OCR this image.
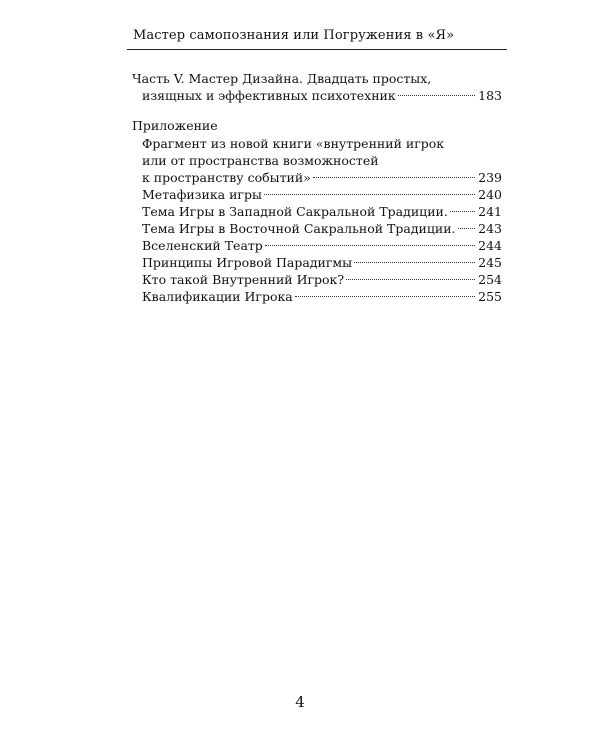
Мастер самопознания или Погружения в «Я»
Часть V. Мастер Дизайна. Двадцать простых,
изящных и эффективных психотехник	183
Приложение
Фрагмент из новой книги «внутренний игрок
или от пространства возможностей
к пространству событий»	239
Метафизика игры	240
Тема Игры в Западной Сакральной Традиции. 241
Тема Игры в Восточной Сакральной Традиции. 243
Вселенский Театр	244
Принципы Игровой Парадигмы	245
Кто такой Внутренний Игрок?	254
Квалификации Игрока	255
4
